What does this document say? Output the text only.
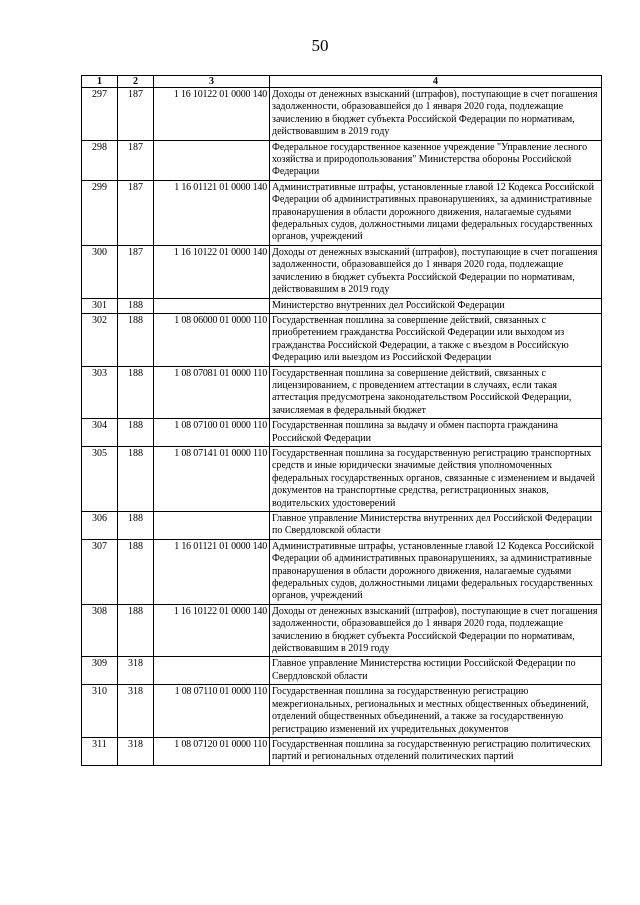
50
1	2	3	4
297	187	1 16 10122 01 0000 140	Доходы от денежных взысканий (штрафов), поступающие в счет погашения задолженности, образовавшейся до 1 января 2020 года, подлежащие зачислению в бюджет субъекта Российской Федерации по нормативам, действовавшим в 2019 году
298	187		Федеральное государственное казенное учреждение "Управление лесного хозяйства и природопользования" Министерства обороны Российской Федерации
299	187	1 16 01121 01 0000 140	Административные штрафы, установленные главой 12 Кодекса Российской Федерации об административных правонарушениях, за административные правонарушения в области дорожного движения, налагаемые судьями федеральных судов, должностными лицами федеральных государственных органов, учреждений
300	187	1 16 10122 01 0000 140	Доходы от денежных взысканий (штрафов), поступающие в счет погашения задолженности, образовавшейся до 1 января 2020 года, подлежащие зачислению в бюджет субъекта Российской Федерации по нормативам, действовавшим в 2019 году
301	188		Министерство внутренних дел Российской Федерации
302	188	1 08 06000 01 0000 110	Государственная пошлина за совершение действий, связанных с приобретением гражданства Российской Федерации или выходом из гражданства Российской Федерации, а также с въездом в Российскую Федерацию или выездом из Российской Федерации
303	188	1 08 07081 01 0000 110	Государственная пошлина за совершение действий, связанных с лицензированием, с проведением аттестации в случаях, если такая аттестация предусмотрена законодательством Российской Федерации, зачисляемая в федеральный бюджет
304	188	1 08 07100 01 0000 110	Государственная пошлина за выдачу и обмен паспорта гражданина Российской Федерации
305	188	1 08 07141 01 0000 110	Государственная пошлина за государственную регистрацию транспортных средств и иные юридически значимые действия уполномоченных федеральных государственных органов, связанные с изменением и выдачей документов на транспортные средства, регистрационных знаков, водительских удостоверений
306	188		Главное управление Министерства внутренних дел Российской Федерации по Свердловской области
307	188	1 16 01121 01 0000 140	Административные штрафы, установленные главой 12 Кодекса Российской Федерации об административных правонарушениях, за административные правонарушения в области дорожного движения, налагаемые судьями федеральных судов, должностными лицами федеральных государственных органов, учреждений
308	188	1 16 10122 01 0000 140	Доходы от денежных взысканий (штрафов), поступающие в счет погашения задолженности, образовавшейся до 1 января 2020 года, подлежащие зачислению в бюджет субъекта Российской Федерации по нормативам, действовавшим в 2019 году
309	318		Главное управление Министерства юстиции Российской Федерации по Свердловской области
310	318	1 08 07110 01 0000 110	Государственная пошлина за государственную регистрацию межрегиональных, региональных и местных общественных объединений, отделений общественных объединений, а также за государственную регистрацию изменений их учредительных документов
311	318	1 08 07120 01 0000 110	Государственная пошлина за государственную регистрацию политических партий и региональных отделений политических партий
